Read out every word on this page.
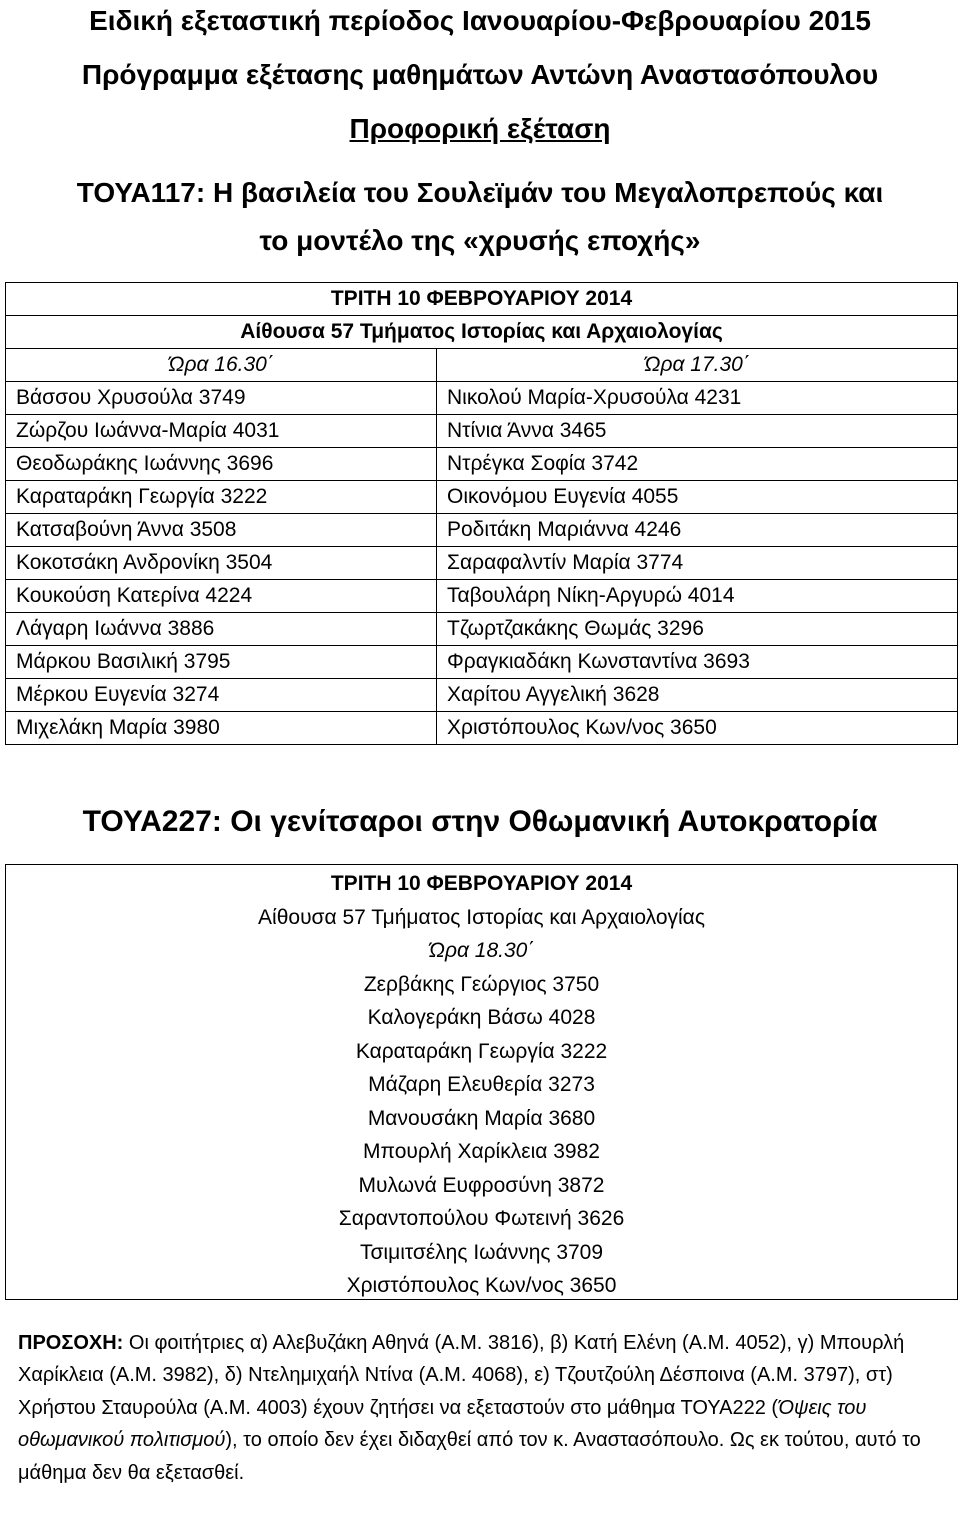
Ειδική εξεταστική περίοδος Ιανουαρίου-Φεβρουαρίου 2015
Πρόγραμμα εξέτασης μαθημάτων Αντώνη Αναστασόπουλου
Προφορική εξέταση
ΤΟΥΑ117: Η βασιλεία του Σουλεϊμάν του Μεγαλοπρεπούς και
το μοντέλο της «χρυσής εποχής»
ΤΡΙΤΗ 10 ΦΕΒΡΟΥΑΡΙΟΥ 2014	
Αίθουσα 57 Τμήματος Ιστορίας και Αρχαιολογίας	
Ώρα 16.30΄	Ώρα 17.30΄
Βάσσου Χρυσούλα 3749	Νικολού Μαρία-Χρυσούλα 4231
Ζώρζου Ιωάννα-Μαρία 4031	Ντίνια Άννα 3465
Θεοδωράκης Ιωάννης 3696	Ντρέγκα Σοφία 3742
Καραταράκη Γεωργία 3222	Οικονόμου Ευγενία 4055
Κατσαβούνη Άννα 3508	Ροδιτάκη Μαριάννα 4246
Κοκοτσάκη Ανδρονίκη 3504	Σαραφαλντίν Μαρία 3774
Κουκούση Κατερίνα 4224	Ταβουλάρη Νίκη-Αργυρώ 4014
Λάγαρη Ιωάννα 3886	Τζωρτζακάκης Θωμάς 3296
Μάρκου Βασιλική 3795	Φραγκιαδάκη Κωνσταντίνα 3693
Μέρκου Ευγενία 3274	Χαρίτου Αγγελική 3628
Μιχελάκη Μαρία 3980	Χριστόπουλος Κων/νος 3650
ΤΟΥΑ227: Οι γενίτσαροι στην Οθωμανική Αυτοκρατορία
ΤΡΙΤΗ 10 ΦΕΒΡΟΥΑΡΙΟΥ 2014
Αίθουσα 57 Τμήματος Ιστορίας και Αρχαιολογίας
Ώρα 18.30΄
Ζερβάκης Γεώργιος 3750
Καλογεράκη Βάσω 4028
Καραταράκη Γεωργία 3222
Μάζαρη Ελευθερία 3273
Μανουσάκη Μαρία 3680
Μπουρλή Χαρίκλεια 3982
Μυλωνά Ευφροσύνη 3872
Σαραντοπούλου Φωτεινή 3626
Τσιμιτσέλης Ιωάννης 3709
Χριστόπουλος Κων/νος 3650
ΠΡΟΣΟΧΗ: Οι φοιτήτριες α) Αλεβυζάκη Αθηνά (Α.Μ. 3816), β) Κατή Ελένη (Α.Μ. 4052), γ) Μπουρλή Χαρίκλεια (Α.Μ. 3982), δ) Ντελημιχαήλ Ντίνα (Α.Μ. 4068), ε) Τζουτζούλη Δέσποινα (Α.Μ. 3797), στ) Χρήστου Σταυρούλα (Α.Μ. 4003) έχουν ζητήσει να εξεταστούν στο μάθημα ΤΟΥΑ222 (Όψεις του οθωμανικού πολιτισμού), το οποίο δεν έχει διδαχθεί από τον κ. Αναστασόπουλο. Ως εκ τούτου, αυτό το μάθημα δεν θα εξετασθεί.
